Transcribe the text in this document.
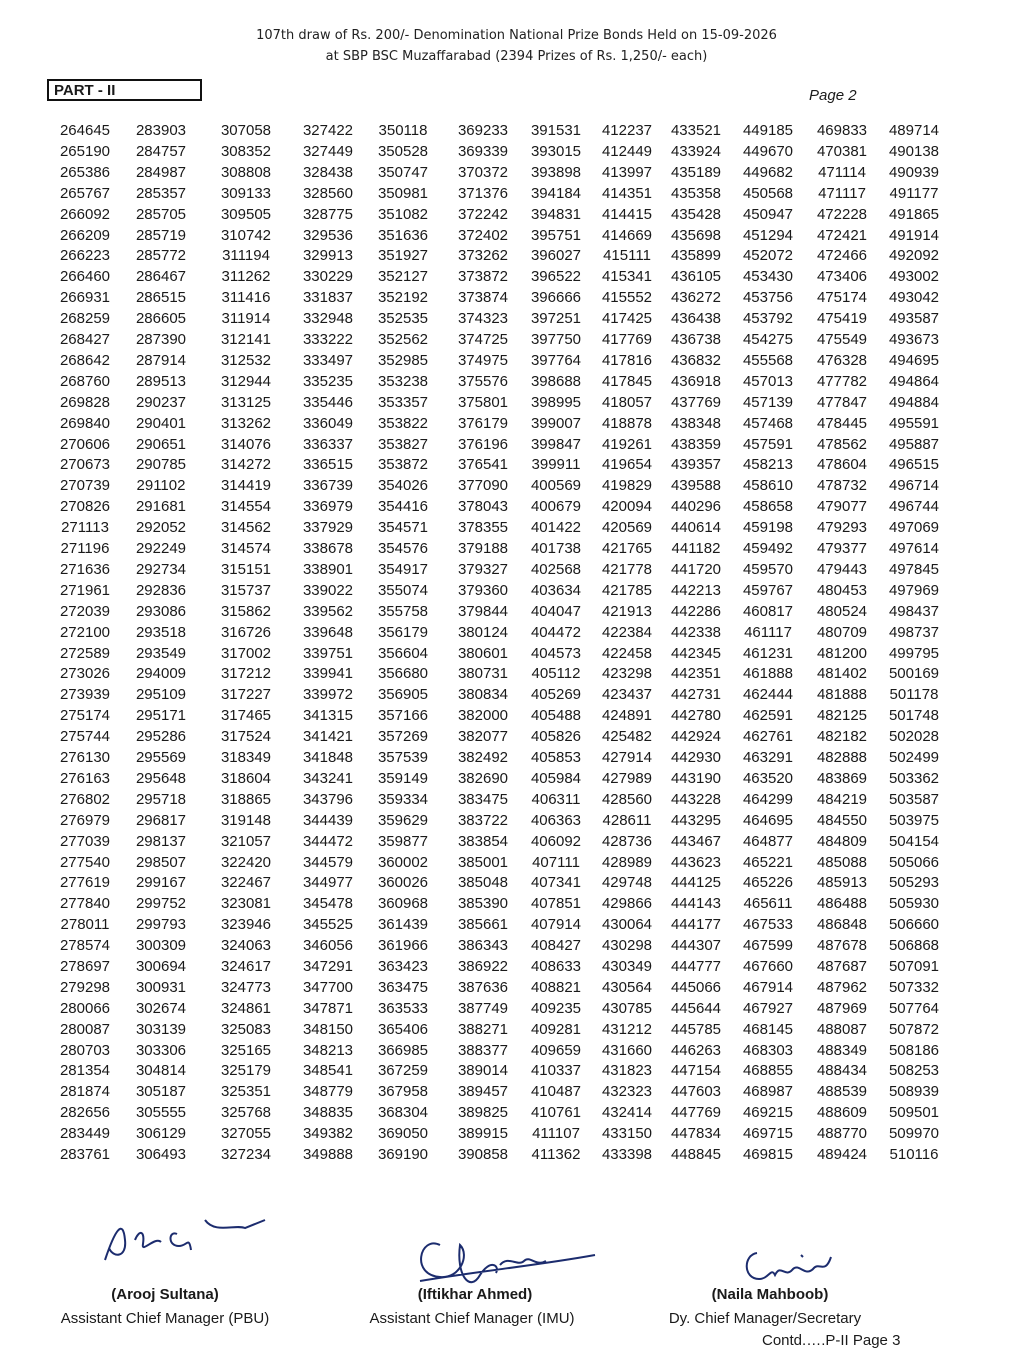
107th draw of Rs. 200/- Denomination National Prize Bonds Held on 15-09-2026
at SBP BSC Muzaffarabad (2394 Prizes of Rs. 1,250/- each)
PART - II	Page 2
264645
265190
265386
265767
266092
266209
266223
266460
266931
268259
268427
268642
268760
269828
269840
270606
270673
270739
270826
271113
271196
271636
271961
272039
272100
272589
273026
273939
275174
275744
276130
276163
276802
276979
277039
277540
277619
277840
278011
278574
278697
279298
280066
280087
280703
281354
281874
282656
283449
283761
283903
284757
284987
285357
285705
285719
285772
286467
286515
286605
287390
287914
289513
290237
290401
290651
290785
291102
291681
292052
292249
292734
292836
293086
293518
293549
294009
295109
295171
295286
295569
295648
295718
296817
298137
298507
299167
299752
299793
300309
300694
300931
302674
303139
303306
304814
305187
305555
306129
306493
307058
308352
308808
309133
309505
310742
311194
311262
311416
311914
312141
312532
312944
313125
313262
314076
314272
314419
314554
314562
314574
315151
315737
315862
316726
317002
317212
317227
317465
317524
318349
318604
318865
319148
321057
322420
322467
323081
323946
324063
324617
324773
324861
325083
325165
325179
325351
325768
327055
327234
327422
327449
328438
328560
328775
329536
329913
330229
331837
332948
333222
333497
335235
335446
336049
336337
336515
336739
336979
337929
338678
338901
339022
339562
339648
339751
339941
339972
341315
341421
341848
343241
343796
344439
344472
344579
344977
345478
345525
346056
347291
347700
347871
348150
348213
348541
348779
348835
349382
349888
350118
350528
350747
350981
351082
351636
351927
352127
352192
352535
352562
352985
353238
353357
353822
353827
353872
354026
354416
354571
354576
354917
355074
355758
356179
356604
356680
356905
357166
357269
357539
359149
359334
359629
359877
360002
360026
360968
361439
361966
363423
363475
363533
365406
366985
367259
367958
368304
369050
369190
369233
369339
370372
371376
372242
372402
373262
373872
373874
374323
374725
374975
375576
375801
376179
376196
376541
377090
378043
378355
379188
379327
379360
379844
380124
380601
380731
380834
382000
382077
382492
382690
383475
383722
383854
385001
385048
385390
385661
386343
386922
387636
387749
388271
388377
389014
389457
389825
389915
390858
391531
393015
393898
394184
394831
395751
396027
396522
396666
397251
397750
397764
398688
398995
399007
399847
399911
400569
400679
401422
401738
402568
403634
404047
404472
404573
405112
405269
405488
405826
405853
405984
406311
406363
406092
407111
407341
407851
407914
408427
408633
408821
409235
409281
409659
410337
410487
410761
411107
411362
412237
412449
413997
414351
414415
414669
415111
415341
415552
417425
417769
417816
417845
418057
418878
419261
419654
419829
420094
420569
421765
421778
421785
421913
422384
422458
423298
423437
424891
425482
427914
427989
428560
428611
428736
428989
429748
429866
430064
430298
430349
430564
430785
431212
431660
431823
432323
432414
433150
433398
433521
433924
435189
435358
435428
435698
435899
436105
436272
436438
436738
436832
436918
437769
438348
438359
439357
439588
440296
440614
441182
441720
442213
442286
442338
442345
442351
442731
442780
442924
442930
443190
443228
443295
443467
443623
444125
444143
444177
444307
444777
445066
445644
445785
446263
447154
447603
447769
447834
448845
449185
449670
449682
450568
450947
451294
452072
453430
453756
453792
454275
455568
457013
457139
457468
457591
458213
458610
458658
459198
459492
459570
459767
460817
461117
461231
461888
462444
462591
462761
463291
463520
464299
464695
464877
465221
465226
465611
467533
467599
467660
467914
467927
468145
468303
468855
468987
469215
469715
469815
469833
470381
471114
471117
472228
472421
472466
473406
475174
475419
475549
476328
477782
477847
478445
478562
478604
478732
479077
479293
479377
479443
480453
480524
480709
481200
481402
481888
482125
482182
482888
483869
484219
484550
484809
485088
485913
486488
486848
487678
487687
487962
487969
488087
488349
488434
488539
488609
488770
489424
489714
490138
490939
491177
491865
491914
492092
493002
493042
493587
493673
494695
494864
494884
495591
495887
496515
496714
496744
497069
497614
497845
497969
498437
498737
499795
500169
501178
501748
502028
502499
503362
503587
503975
504154
505066
505293
505930
506660
506868
507091
507332
507764
507872
508186
508253
508939
509501
509970
510116
(Arooj Sultana)
Assistant Chief Manager (PBU)
(Iftikhar Ahmed)
Assistant Chief Manager (IMU)
(Naila Mahboob)
Dy. Chief Manager/Secretary
Contd.….P-II Page 3
